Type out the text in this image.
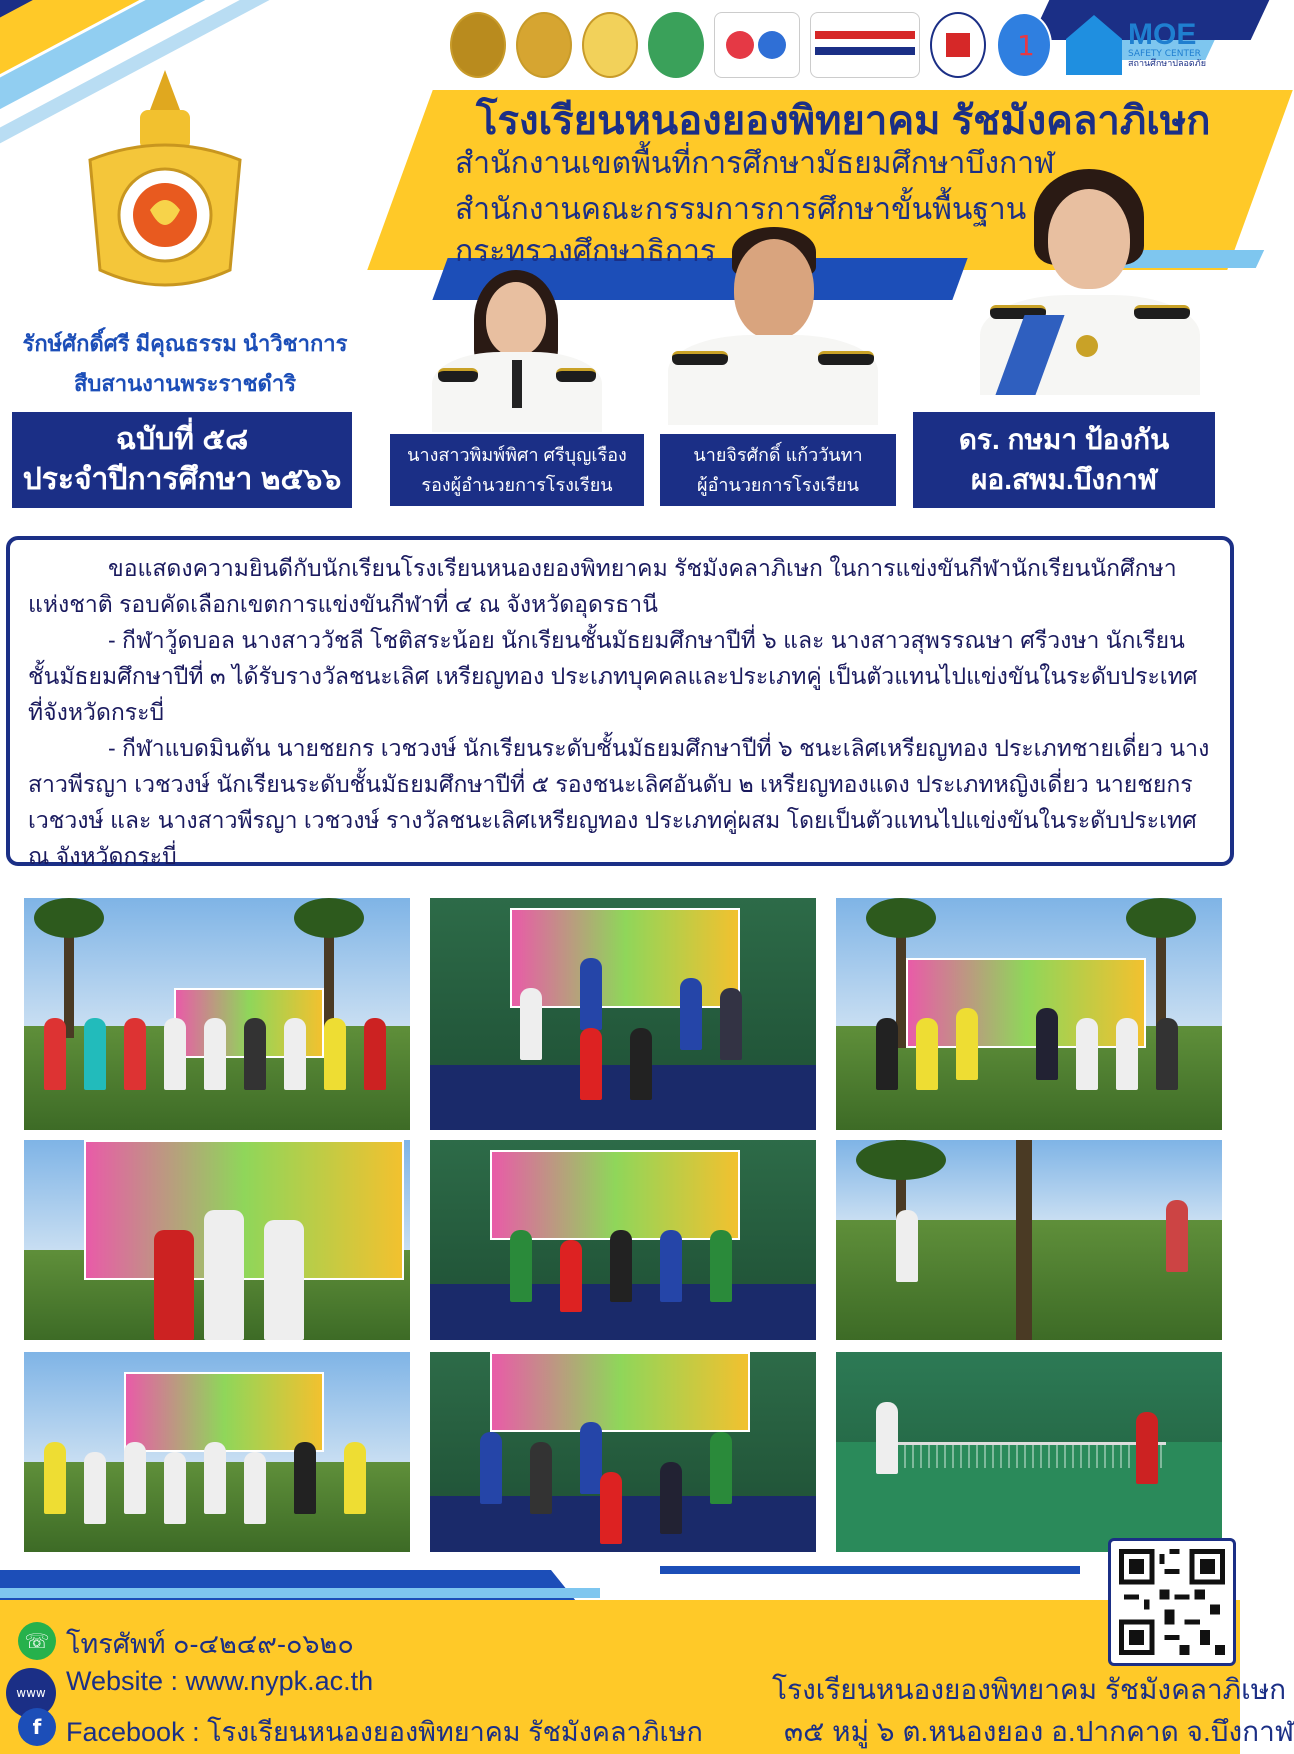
1	MOE
SAFETY CENTER
สถานศึกษาปลอดภัย
โรงเรียนหนองยองพิทยาคม รัชมังคลาภิเษก
สำนักงานเขตพื้นที่การศึกษามัธยมศึกษาบึงกาฬ
สำนักงานคณะกรรมการการศึกษาขั้นพื้นฐาน
กระทรวงศึกษาธิการ
รักษ์ศักดิ์ศรี มีคุณธรรม นำวิชาการ
สืบสานงานพระราชดำริ
ฉบับที่ ๕๘
ประจำปีการศึกษา ๒๕๖๖
นางสาวพิมพ์พิศา ศรีบุญเรือง
รองผู้อำนวยการโรงเรียน
นายจิรศักดิ์ แก้ววันทา
ผู้อำนวยการโรงเรียน
ดร. กษมา ป้องกัน
ผอ.สพม.บึงกาฬ

ขอแสดงความยินดีกับนักเรียนโรงเรียนหนองยองพิทยาคม รัชมังคลาภิเษก ในการแข่งขันกีฬานักเรียนนักศึกษาแห่งชาติ รอบคัดเลือกเขตการแข่งขันกีฬาที่ ๔ ณ จังหวัดอุดรธานี

- กีฬาวู้ดบอล นางสาววัชลี โชติสระน้อย นักเรียนชั้นมัธยมศึกษาปีที่ ๖ และ นางสาวสุพรรณษา ศรีวงษา นักเรียนชั้นมัธยมศึกษาปีที่ ๓ ได้รับรางวัลชนะเลิศ เหรียญทอง ประเภทบุคคลและประเภทคู่ เป็นตัวแทนไปแข่งขันในระดับประเทศที่จังหวัดกระบี่

- กีฬาแบดมินตัน นายชยกร เวชวงษ์ นักเรียนระดับชั้นมัธยมศึกษาปีที่ ๖ ชนะเลิศเหรียญทอง ประเภทชายเดี่ยว นางสาวพีรญา เวชวงษ์ นักเรียนระดับชั้นมัธยมศึกษาปีที่ ๕ รองชนะเลิศอันดับ ๒ เหรียญทองแดง ประเภทหญิงเดี่ยว นายชยกร เวชวงษ์ และ นางสาวพีรญา เวชวงษ์ รางวัลชนะเลิศเหรียญทอง ประเภทคู่ผสม โดยเป็นตัวแทนไปแข่งขันในระดับประเทศ ณ จังหวัดกระบี่

☏
www
f
โทรศัพท์ ๐-๔๒๔๙-๐๖๒๐
Website : www.nypk.ac.th
Facebook : โรงเรียนหนองยองพิทยาคม รัชมังคลาภิเษก
โรงเรียนหนองยองพิทยาคม รัชมังคลาภิเษก
๓๕ หมู่ ๖ ต.หนองยอง อ.ปากคาด จ.บึงกาฬ
